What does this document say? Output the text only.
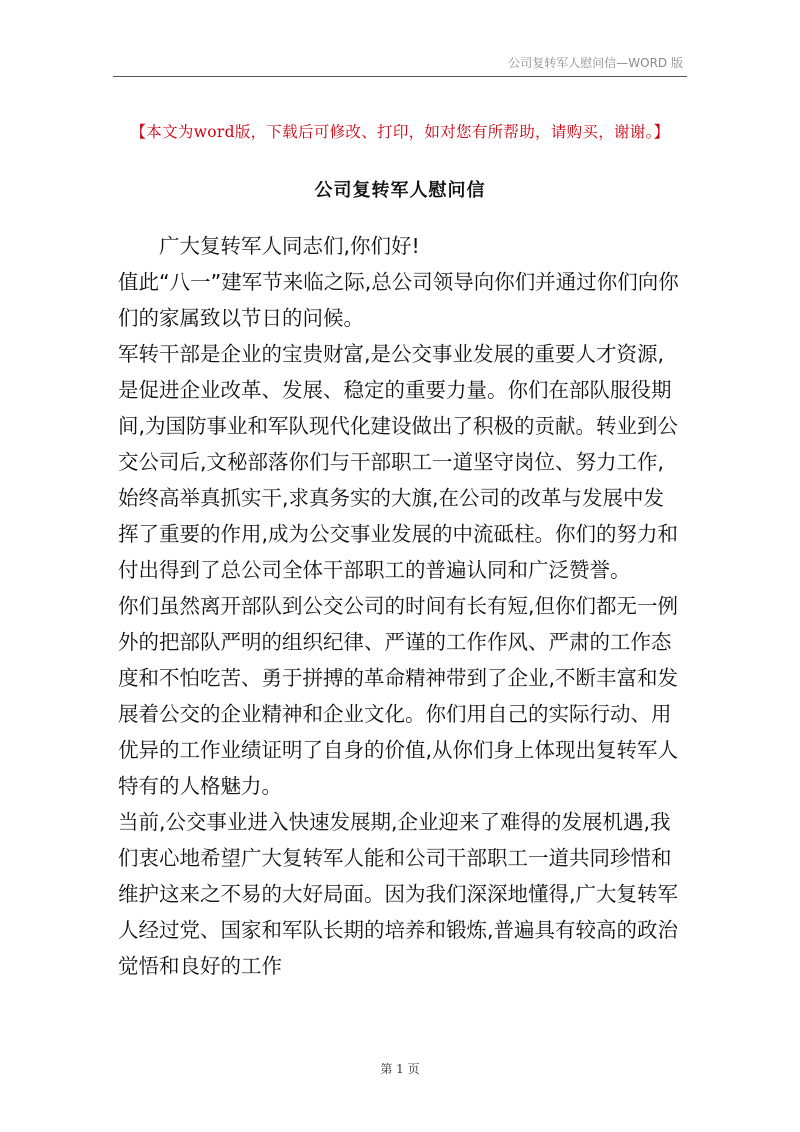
公司复转军人慰问信—WORD 版
【本文为word版，下载后可修改、打印，如对您有所帮助，请购买，谢谢。】
公司复转军人慰问信

广大复转军人同志们,你们好!

值此“八一”建军节来临之际,总公司领导向你们并通过你们向你们的家属致以节日的问候。

军转干部是企业的宝贵财富,是公交事业发展的重要人才资源,是促进企业改革、发展、稳定的重要力量。你们在部队服役期间,为国防事业和军队现代化建设做出了积极的贡献。转业到公交公司后,文秘部落你们与干部职工一道坚守岗位、努力工作,始终高举真抓实干,求真务实的大旗,在公司的改革与发展中发挥了重要的作用,成为公交事业发展的中流砥柱。你们的努力和付出得到了总公司全体干部职工的普遍认同和广泛赞誉。

你们虽然离开部队到公交公司的时间有长有短,但你们都无一例外的把部队严明的组织纪律、严谨的工作作风、严肃的工作态度和不怕吃苦、勇于拼搏的革命精神带到了企业,不断丰富和发展着公交的企业精神和企业文化。你们用自己的实际行动、用优异的工作业绩证明了自身的价值,从你们身上体现出复转军人特有的人格魅力。

当前,公交事业进入快速发展期,企业迎来了难得的发展机遇,我们衷心地希望广大复转军人能和公司干部职工一道共同珍惜和维护这来之不易的大好局面。因为我们深深地懂得,广大复转军人经过党、国家和军队长期的培养和锻炼,普遍具有较高的政治觉悟和良好的工作

第 1 页
